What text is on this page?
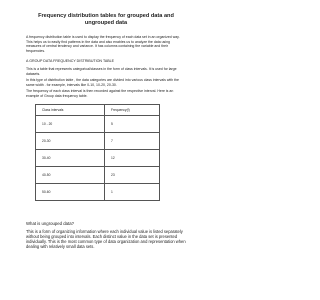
Frequency distribution tables for grouped data and ungrouped data

A frequency distribution table is used to display the frequency of each data set in an organized way. This helps us to easily find patterns in the data and also enables us to analyze the data using measures of central tendency and variance. It has columns containing the variable and their frequencies.

A GROUP DATA FREQUENCY DISTRIBUTION TABLE

This is a table that represents categorical/classes in the form of class intervals. It is used for large datasets.

In this type of distribution table , the data categories are divided into various class intervals with the same width . for example, intervals like 0-10, 10-20, 20-30.

The frequency of each class interval is then recorded against the respective interval. Here is an example of Group data frequency table.

Class intervals	Frequency(f)
10 - 20	5
20-30	7
30-40	12
40-50	23
50-60	1

What is ungrouped data?

This is a form of organizing information where each individual value is listed separately without being grouped into intervals. Each distinct value in the data set is presented individually. This is the most common type of data organization and representation when dealing with relatively small data sets.
